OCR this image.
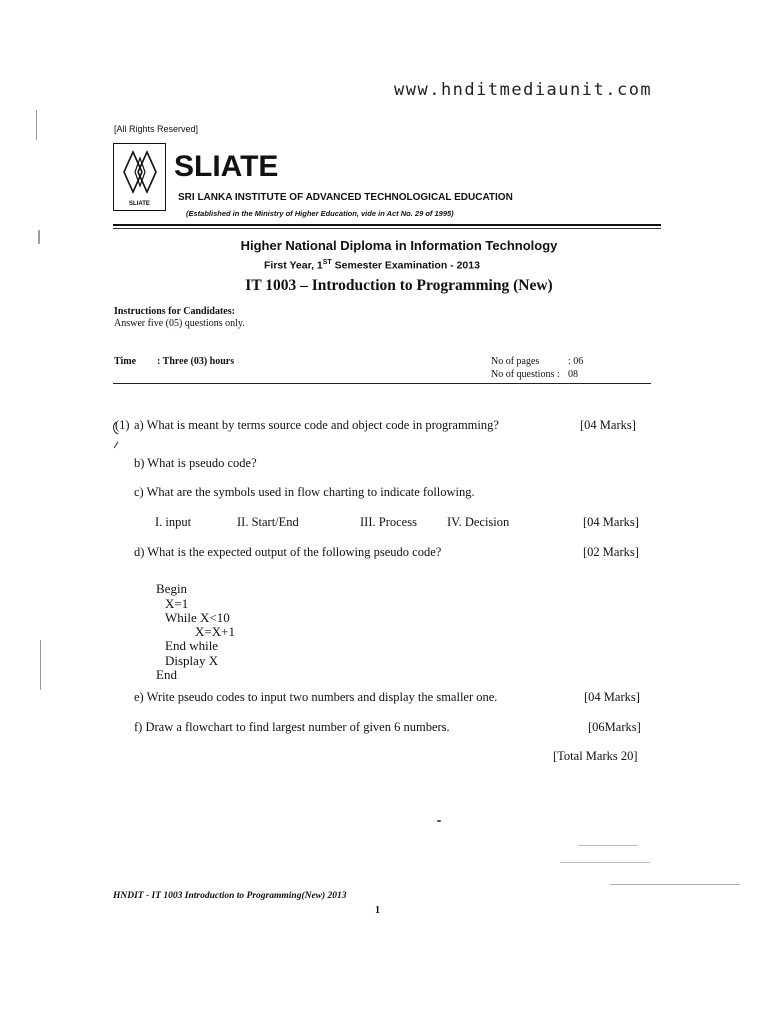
www.hnditmediaunit.com
[All Rights Reserved]
SLIATE
SLIATE
SRI LANKA INSTITUTE OF ADVANCED TECHNOLOGICAL EDUCATION
(Established in the Ministry of Higher Education, vide in Act No. 29 of 1995)
Higher National Diploma in Information Technology
First Year, 1ST Semester Examination - 2013
IT 1003 – Introduction to Programming (New)
Instructions for Candidates:
Answer five (05) questions only.
Time : Three (03) hours	No of pages	: 06
No of questions : 08
(1) a) What is meant by terms source code and object code in programming?	[04 Marks]
b) What is pseudo code?
c) What are the symbols used in flow charting to indicate following.
I. input	II. Start/End	III. Process IV. Decision	[04 Marks]
d) What is the expected output of the following pseudo code?	[02 Marks]
Begin
X=1
While X<10
X=X+1
End while
Display X
End
e) Write pseudo codes to input two numbers and display the smaller one.	[04 Marks]
f) Draw a flowchart to find largest number of given 6 numbers.	[06Marks]
[Total Marks 20]
HNDIT - IT 1003 Introduction to Programming(New) 2013
1
